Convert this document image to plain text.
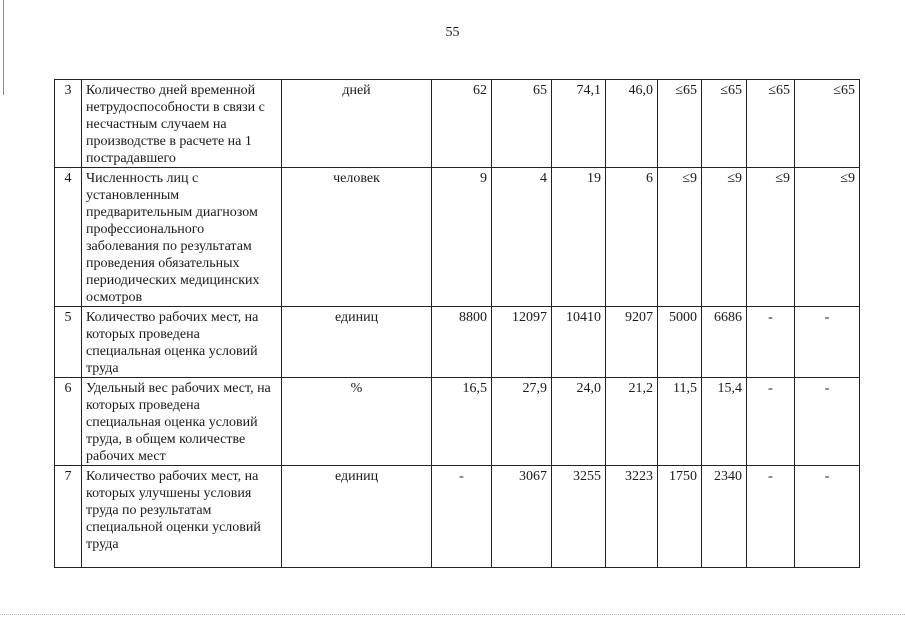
55
3	Количество дней временной нетрудоспособности в связи с несчастным случаем на производстве в расчете на 1 пострадавшего	дней	62	65	74,1	46,0	≤65	≤65	≤65	≤65
4	Численность лиц с установленным предварительным диагнозом профессионального заболевания по результатам проведения обязательных периодических медицинских осмотров	человек	9	4	19	6	≤9	≤9	≤9	≤9
5	Количество рабочих мест, на которых проведена специальная оценка условий труда	единиц	8800	12097	10410	9207	5000	6686	-	-
6	Удельный вес рабочих мест, на которых проведена специальная оценка условий труда, в общем количестве рабочих мест	%	16,5	27,9	24,0	21,2	11,5	15,4	-	-
7	Количество рабочих мест, на которых улучшены условия труда по результатам специальной оценки условий труда	единиц	-	3067	3255	3223	1750	2340	-	-
